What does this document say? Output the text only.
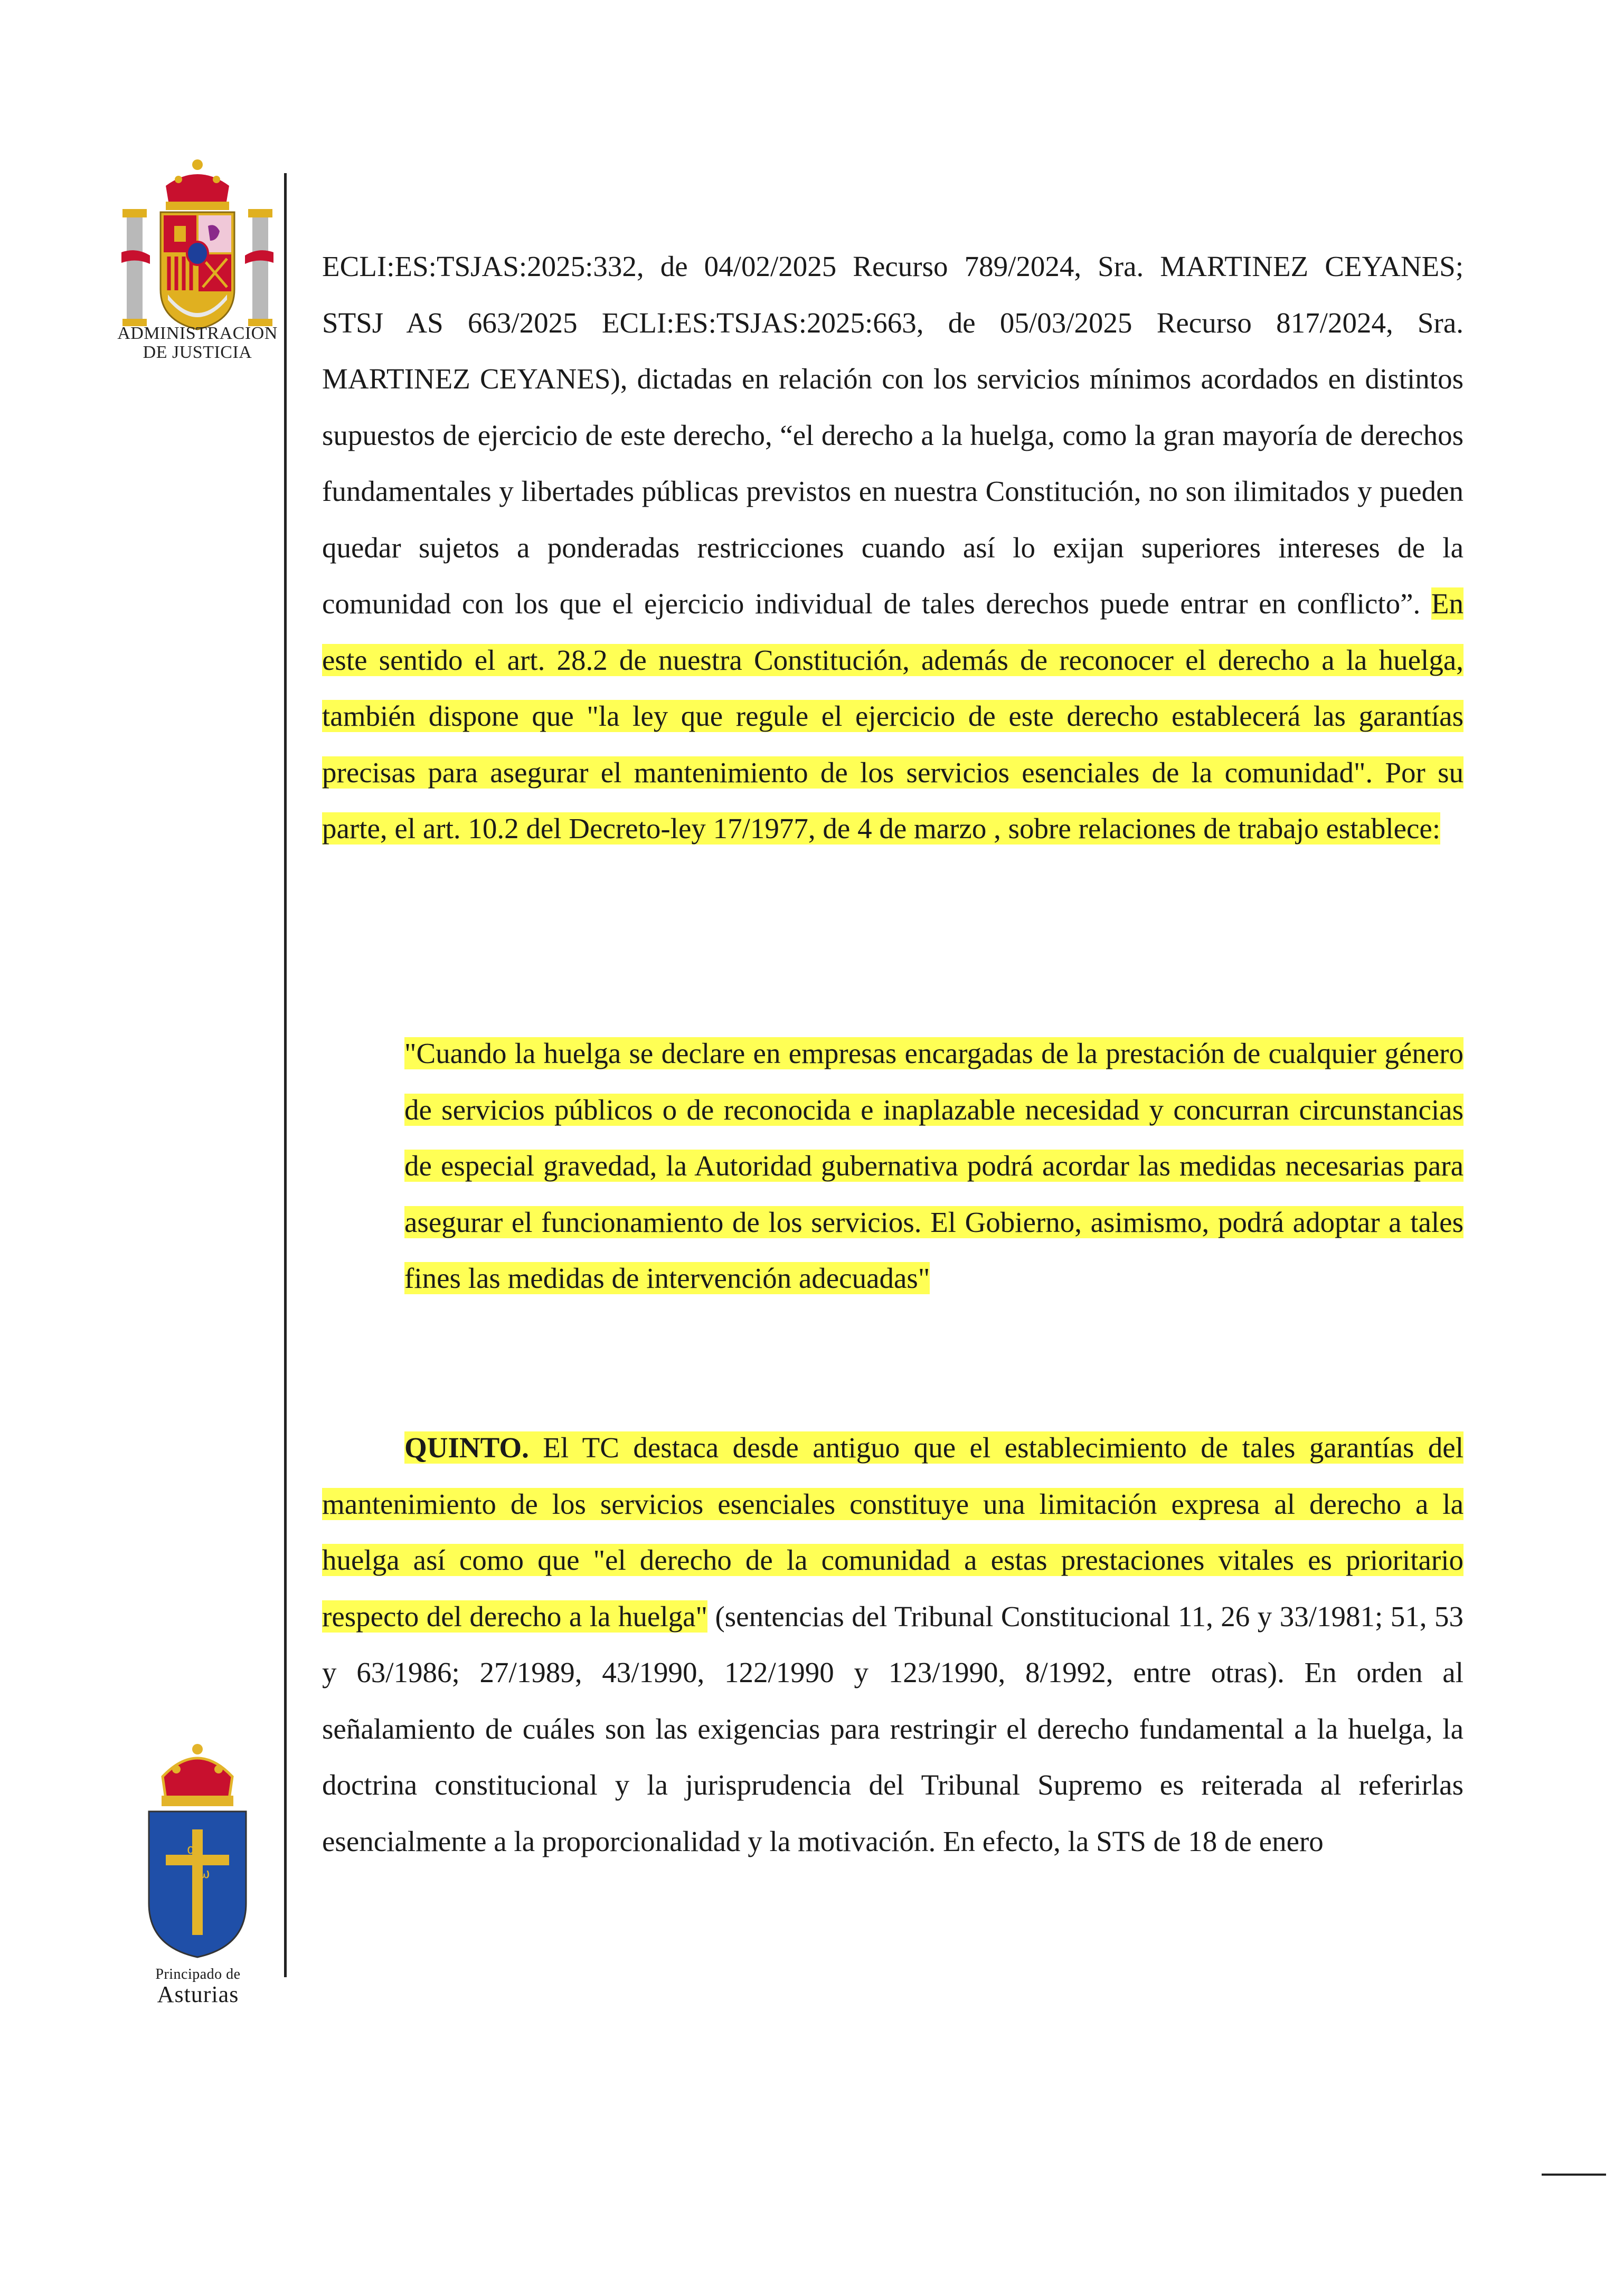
ADMINISTRACION
DE JUSTICIA
ECLI:ES:TSJAS:2025:332, de 04/02/2025 Recurso 789/2024, Sra. MARTINEZ CEYANES; STSJ AS 663/2025 ECLI:ES:TSJAS:2025:663, de 05/03/2025 Recurso 817/2024, Sra. MARTINEZ CEYANES), dictadas en relación con los servicios mínimos acordados en distintos supuestos de ejercicio de este derecho, “el derecho a la huelga, como la gran mayoría de derechos fundamentales y libertades públicas previstos en nuestra Constitución, no son ilimitados y pueden quedar sujetos a ponderadas restricciones cuando así lo exijan superiores intereses de la comunidad con los que el ejercicio individual de tales derechos puede entrar en conflicto”. En este sentido el art. 28.2 de nuestra Constitución, además de reconocer el derecho a la huelga, también dispone que "la ley que regule el ejercicio de este derecho establecerá las garantías precisas para asegurar el mantenimiento de los servicios esenciales de la comunidad". Por su parte, el art. 10.2 del Decreto-ley 17/1977, de 4 de marzo , sobre relaciones de trabajo establece:
"Cuando la huelga se declare en empresas encargadas de la prestación de cualquier género de servicios públicos o de reconocida e inaplazable necesidad y concurran circunstancias de especial gravedad, la Autoridad gubernativa podrá acordar las medidas necesarias para asegurar el funcionamiento de los servicios. El Gobierno, asimismo, podrá adoptar a tales fines las medidas de intervención adecuadas"
QUINTO. El TC destaca desde antiguo que el establecimiento de tales garantías del mantenimiento de los servicios esenciales constituye una limitación expresa al derecho a la huelga así como que "el derecho de la comunidad a estas prestaciones vitales es prioritario respecto del derecho a la huelga" (sentencias del Tribunal Constitucional 11, 26 y 33/1981; 51, 53 y 63/1986; 27/1989, 43/1990, 122/1990 y 123/1990, 8/1992, entre otras). En orden al señalamiento de cuáles son las exigencias para restringir el derecho fundamental a la huelga, la doctrina constitucional y la jurisprudencia del Tribunal Supremo es reiterada al referirlas esencialmente a la proporcionalidad y la motivación. En efecto, la STS de 18 de enero
α
ω
Principado de
Asturias
